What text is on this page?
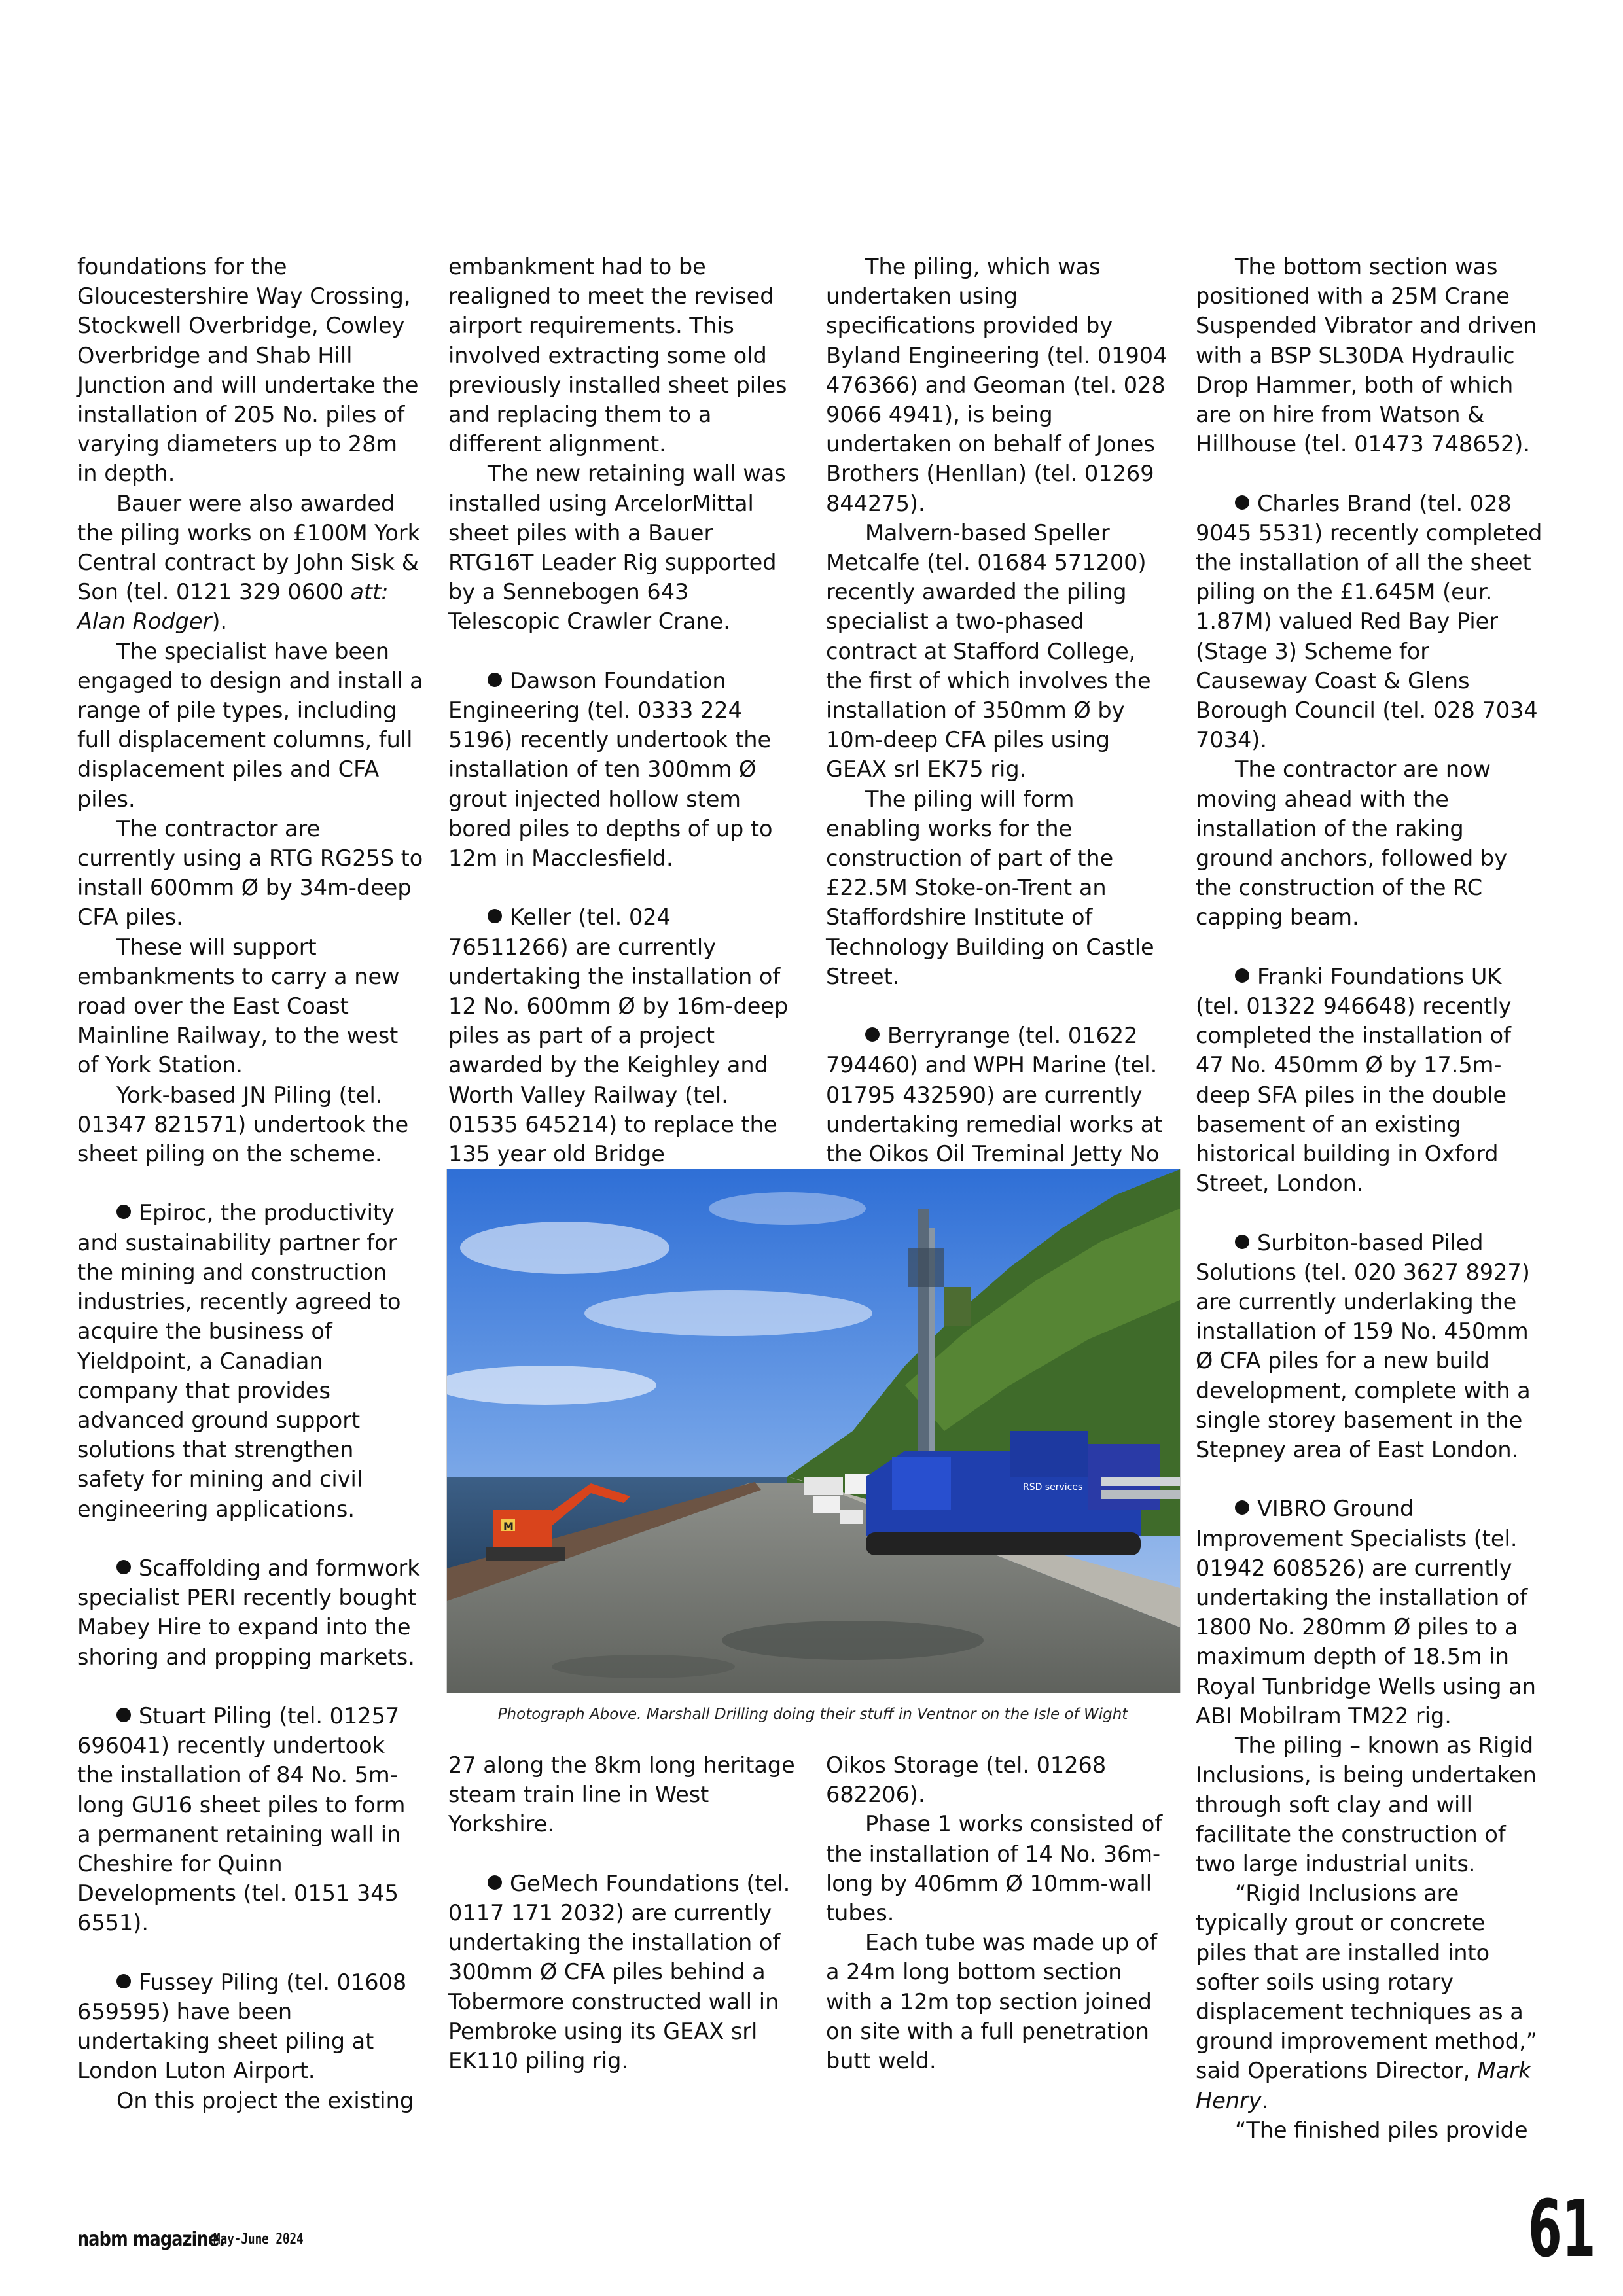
foundations for the Gloucestershire Way Crossing, Stockwell Overbridge, Cowley Overbridge and Shab Hill Junction and will undertake the installation of 205 No. piles of varying diameters up to 28m in depth.

Bauer were also awarded the piling works on £100M York Central contract by John Sisk & Son (tel. 0121 329 0600 att: Alan Rodger).

The specialist have been engaged to design and install a range of pile types, including full displacement columns, full displacement piles and CFA piles.

The contractor are currently using a RTG RG25S to install 600mm Ø by 34m-deep CFA piles.

These will support embankments to carry a new road over the East Coast Mainline Railway, to the west of York Station.

York-based JN Piling (tel. 01347 821571) undertook the sheet piling on the scheme.

Epiroc, the productivity and sustainability partner for the mining and construction industries, recently agreed to acquire the business of Yieldpoint, a Canadian company that provides advanced ground support solutions that strengthen safety for mining and civil engineering applications.

Scaffolding and formwork specialist PERI recently bought Mabey Hire to expand into the shoring and propping markets.

Stuart Piling (tel. 01257 696041) recently undertook the installation of 84 No. 5m-long GU16 sheet piles to form a permanent retaining wall in Cheshire for Quinn Developments (tel. 0151 345 6551).

Fussey Piling (tel. 01608 659595) have been undertaking sheet piling at London Luton Airport.

On this project the existing

embankment had to be realigned to meet the revised airport requirements. This involved extracting some old previously installed sheet piles and replacing them to a different alignment.

The new retaining wall was installed using ArcelorMittal sheet piles with a Bauer RTG16T Leader Rig supported by a Sennebogen 643 Telescopic Crawler Crane.

Dawson Foundation Engineering (tel. 0333 224 5196) recently undertook the installation of ten 300mm Ø grout injected hollow stem bored piles to depths of up to 12m in Macclesfield.

Keller (tel. 024 76511266) are currently undertaking the installation of 12 No. 600mm Ø by 16m-deep piles as part of a project awarded by the Keighley and Worth Valley Railway (tel. 01535 645214) to replace the 135 year old Bridge

The piling, which was undertaken using specifications provided by Byland Engineering (tel. 01904 476366) and Geoman (tel. 028 9066 4941), is being undertaken on behalf of Jones Brothers (Henllan) (tel. 01269 844275).

Malvern-based Speller Metcalfe (tel. 01684 571200) recently awarded the piling specialist a two-phased contract at Stafford College, the first of which involves the installation of 350mm Ø by 10m-deep CFA piles using GEAX srl EK75 rig.

The piling will form enabling works for the construction of part of the £22.5M Stoke-on-Trent an Staffordshire Institute of Technology Building on Castle Street.

Berryrange (tel. 01622 794460) and WPH Marine (tel. 01795 432590) are currently undertaking remedial works at the Oikos Oil Treminal Jetty No

The bottom section was positioned with a 25M Crane Suspended Vibrator and driven with a BSP SL30DA Hydraulic Drop Hammer, both of which are on hire from Watson & Hillhouse (tel. 01473 748652).

Charles Brand (tel. 028 9045 5531) recently completed the installation of all the sheet piling on the £1.645M (eur. 1.87M) valued Red Bay Pier (Stage 3) Scheme for Causeway Coast & Glens Borough Council (tel. 028 7034 7034).

The contractor are now moving ahead with the installation of the raking ground anchors, followed by the construction of the RC capping beam.

Franki Foundations UK (tel. 01322 946648) recently completed the installation of 47 No. 450mm Ø by 17.5m-deep SFA piles in the double basement of an existing historical building in Oxford Street, London.

Surbiton-based Piled Solutions (tel. 020 3627 8927) are currently underlaking the installation of 159 No. 450mm Ø CFA piles for a new build development, complete with a single storey basement in the Stepney area of East London.

VIBRO Ground Improvement Specialists (tel. 01942 608526) are currently undertaking the installation of 1800 No. 280mm Ø piles to a maximum depth of 18.5m in Royal Tunbridge Wells using an ABI Mobilram TM22 rig.

The piling – known as Rigid Inclusions, is being undertaken through soft clay and will facilitate the construction of two large industrial units.

“Rigid Inclusions are typically grout or concrete piles that are installed into softer soils using rotary displacement techniques as a ground improvement method,” said Operations Director, Mark Henry.

“The finished piles provide

M
RSD services
Photograph Above. Marshall Drilling doing their stuff in Ventnor on the Isle of Wight

27 along the 8km long heritage steam train line in West Yorkshire.

GeMech Foundations (tel. 0117 171 2032) are currently undertaking the installation of 300mm Ø CFA piles behind a Tobermore constructed wall in Pembroke using its GEAX srl EK110 piling rig.

Oikos Storage (tel. 01268 682206).

Phase 1 works consisted of the installation of 14 No. 36m-long by 406mm Ø 10mm-wall tubes.

Each tube was made up of a 24m long bottom section with a 12m top section joined on site with a full penetration butt weld.

nabm magazine.
May-June 2024	61
